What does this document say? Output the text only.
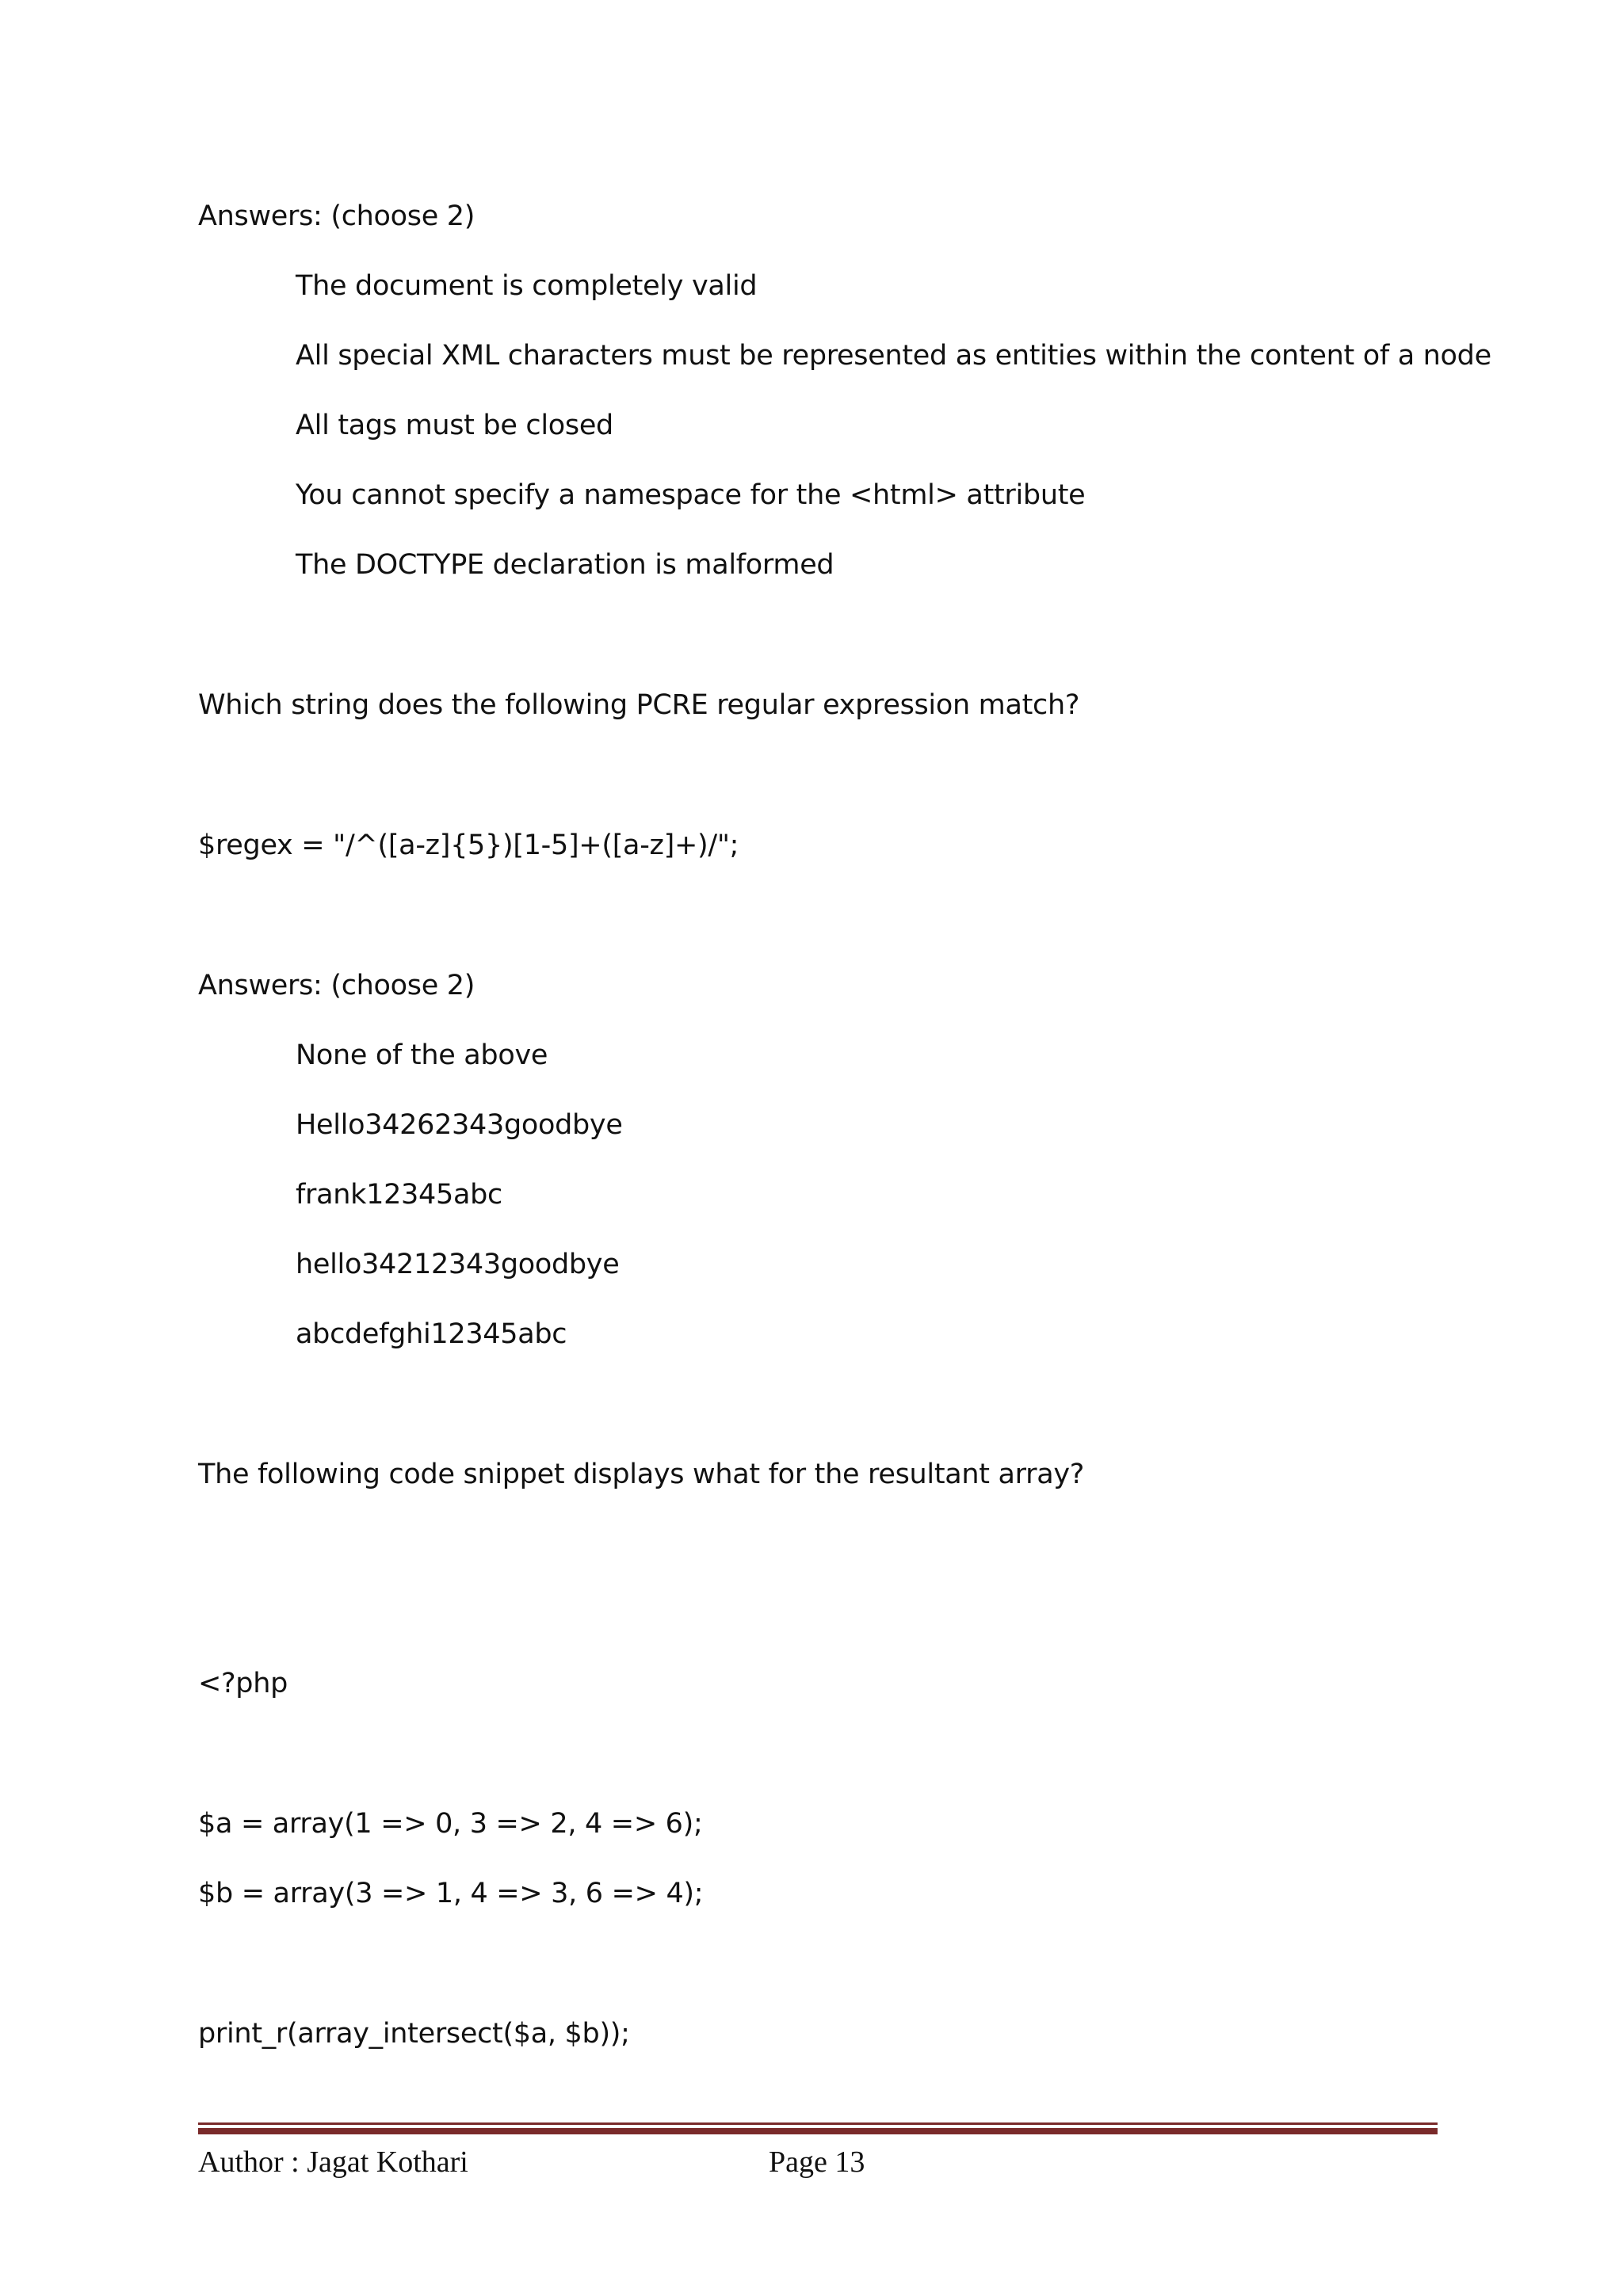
Answers: (choose 2)
The document is completely valid
All special XML characters must be represented as entities within the content of a node
All tags must be closed
You cannot specify a namespace for the <html> attribute
The DOCTYPE declaration is malformed
Which string does the following PCRE regular expression match?
$regex = "/^([a-z]{5})[1-5]+([a-z]+)/";
Answers: (choose 2)
None of the above
Hello34262343goodbye
frank12345abc
hello34212343goodbye
abcdefghi12345abc
The following code snippet displays what for the resultant array?
<?php
$a = array(1 => 0, 3 => 2, 4 => 6);
$b = array(3 => 1, 4 => 3, 6 => 4);
print_r(array_intersect($a, $b));
Author : Jagat Kothari	Page 13
